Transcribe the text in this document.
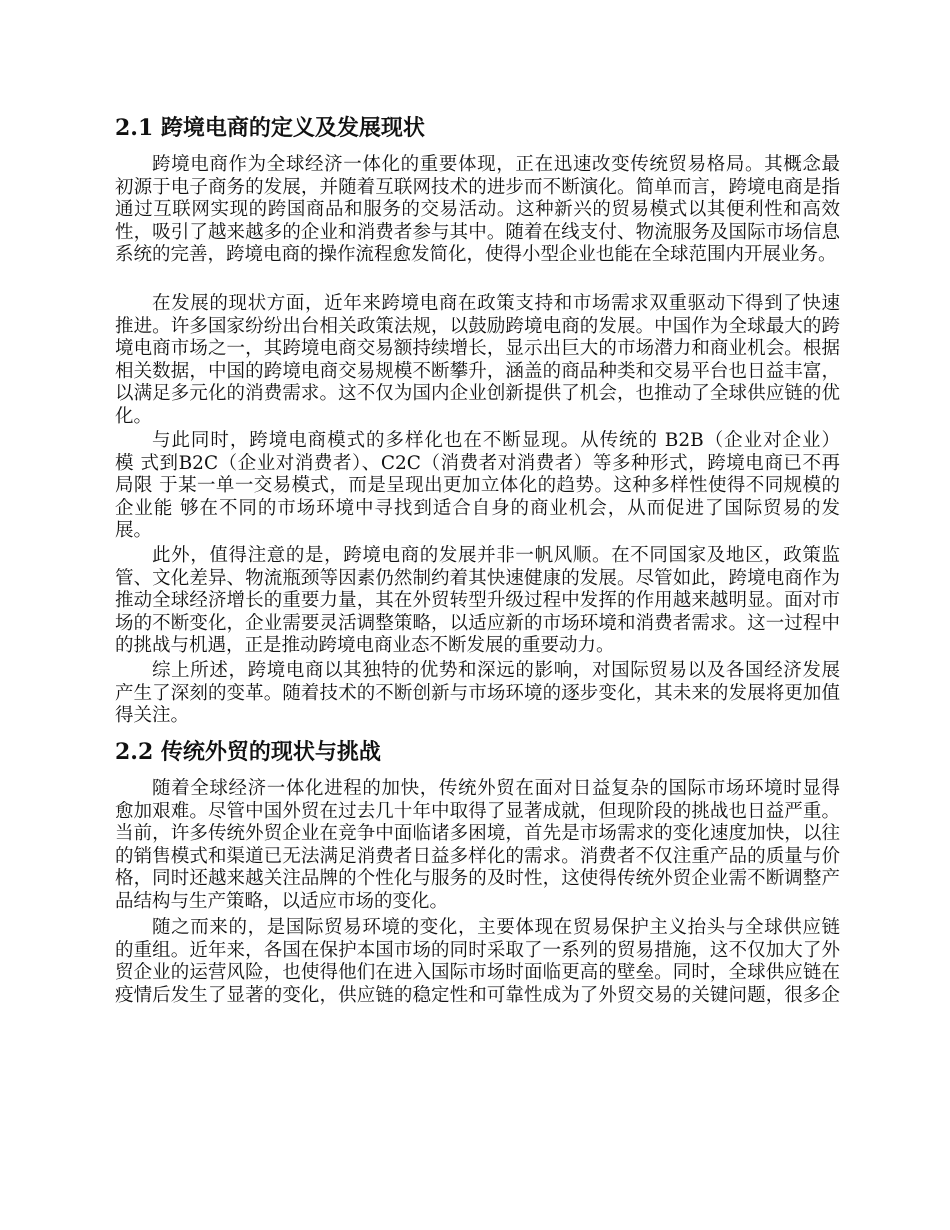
2.1 跨境电商的定义及发展现状
跨境电商作为全球经济一体化的重要体现，正在迅速改变传统贸易格局。其概念最
初源于电子商务的发展，并随着互联网技术的进步而不断演化。简单而言，跨境电商是指
通过互联网实现的跨国商品和服务的交易活动。这种新兴的贸易模式以其便利性和高效
性，吸引了越来越多的企业和消费者参与其中。随着在线支付、物流服务及国际市场信息
系统的完善，跨境电商的操作流程愈发简化，使得小型企业也能在全球范围内开展业务。
在发展的现状方面，近年来跨境电商在政策支持和市场需求双重驱动下得到了快速
推进。许多国家纷纷出台相关政策法规，以鼓励跨境电商的发展。中国作为全球最大的跨
境电商市场之一，其跨境电商交易额持续增长，显示出巨大的市场潜力和商业机会。根据
相关数据，中国的跨境电商交易规模不断攀升，涵盖的商品种类和交易平台也日益丰富，
以满足多元化的消费需求。这不仅为国内企业创新提供了机会，也推动了全球供应链的优
化。
与此同时，跨境电商模式的多样化也在不断显现。从传统的 B2B（企业对企业）
模 式到B2C（企业对消费者）、C2C（消费者对消费者）等多种形式，跨境电商已不再
局限 于某一单一交易模式，而是呈现出更加立体化的趋势。这种多样性使得不同规模的
企业能 够在不同的市场环境中寻找到适合自身的商业机会，从而促进了国际贸易的发
展。
此外，值得注意的是，跨境电商的发展并非一帆风顺。在不同国家及地区，政策监
管、文化差异、物流瓶颈等因素仍然制约着其快速健康的发展。尽管如此，跨境电商作为
推动全球经济增长的重要力量，其在外贸转型升级过程中发挥的作用越来越明显。面对市
场的不断变化，企业需要灵活调整策略，以适应新的市场环境和消费者需求。这一过程中
的挑战与机遇，正是推动跨境电商业态不断发展的重要动力。
综上所述，跨境电商以其独特的优势和深远的影响，对国际贸易以及各国经济发展
产生了深刻的变革。随着技术的不断创新与市场环境的逐步变化，其未来的发展将更加值
得关注。
2.2 传统外贸的现状与挑战
随着全球经济一体化进程的加快，传统外贸在面对日益复杂的国际市场环境时显得
愈加艰难。尽管中国外贸在过去几十年中取得了显著成就，但现阶段的挑战也日益严重。
当前，许多传统外贸企业在竞争中面临诸多困境，首先是市场需求的变化速度加快，以往
的销售模式和渠道已无法满足消费者日益多样化的需求。消费者不仅注重产品的质量与价
格，同时还越来越关注品牌的个性化与服务的及时性，这使得传统外贸企业需不断调整产
品结构与生产策略，以适应市场的变化。
随之而来的，是国际贸易环境的变化，主要体现在贸易保护主义抬头与全球供应链
的重组。近年来，各国在保护本国市场的同时采取了一系列的贸易措施，这不仅加大了外
贸企业的运营风险，也使得他们在进入国际市场时面临更高的壁垒。同时，全球供应链在
疫情后发生了显著的变化，供应链的稳定性和可靠性成为了外贸交易的关键问题，很多企
